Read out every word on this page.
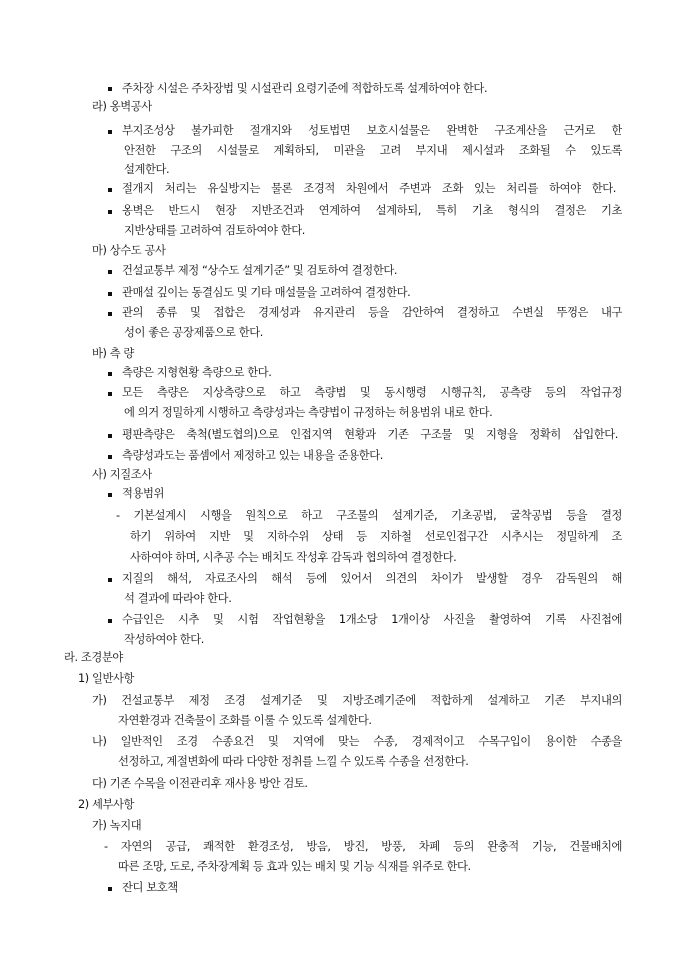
주차장 시설은 주차장법 및 시설관리 요령기준에 적합하도록 설계하여야 한다.
라) 옹벽공사
부지조성상 불가피한 절개지와 성토법면 보호시설물은 완벽한 구조계산을 근거로 한
안전한 구조의 시설물로 계획하되, 미관을 고려 부지내 제시설과 조화될 수 있도록
설계한다.
절개지 처리는 유실방지는 물론 조경적 차원에서 주변과 조화 있는 처리를 하여야 한다.
옹벽은 반드시 현장 지반조건과 연계하여 설계하되, 특히 기초 형식의 결정은 기초
지반상태를 고려하여 검토하여야 한다.
마) 상수도 공사
건설교통부 제정 “상수도 설계기준” 및 검토하여 결정한다.
관매설 깊이는 동결심도 및 기타 매설물을 고려하여 결정한다.
관의 종류 및 접합은 경제성과 유지관리 등을 감안하여 결정하고 수변실 뚜껑은 내구
성이 좋은 공장제품으로 한다.
바) 측 량
측량은 지형현황 측량으로 한다.
모든 측량은 지상측량으로 하고 측량법 및 동시행령 시행규칙, 공측량 등의 작업규정
에 의거 정밀하게 시행하고 측량성과는 측량법이 규정하는 허용범위 내로 한다.
평판측량은 축척(별도협의)으로 인접지역 현황과 기존 구조물 및 지형을 정확히 삽입한다.
측량성과도는 품셈에서 제정하고 있는 내용을 준용한다.
사) 지질조사
적용범위
- 기본설계시 시행을 원칙으로 하고 구조물의 설계기준, 기초공법, 굴착공법 등을 결정
하기 위하여 지반 및 지하수위 상태 등 지하철 선로인접구간 시추시는 정밀하게 조
사하여야 하며, 시추공 수는 배치도 작성후 감독과 협의하여 결정한다.
지질의 해석, 자료조사의 해석 등에 있어서 의견의 차이가 발생할 경우 감독원의 해
석 결과에 따라야 한다.
수급인은 시추 및 시험 작업현황을 1개소당 1개이상 사진을 촬영하여 기록 사진첩에
작성하여야 한다.
라. 조경분야
1) 일반사항
가) 건설교통부 제정 조경 설계기준 및 지방조례기준에 적합하게 설계하고 기존 부지내의
자연환경과 건축물이 조화를 이룰 수 있도록 설계한다.
나) 일반적인 조경 수종요건 및 지역에 맞는 수종, 경제적이고 수목구입이 용이한 수종을
선정하고, 계절변화에 따라 다양한 정취를 느낄 수 있도록 수종을 선정한다.
다) 기존 수목을 이전관리후 재사용 방안 검토.
2) 세부사항
가) 녹지대
- 자연의 공급, 쾌적한 환경조성, 방음, 방진, 방풍, 차폐 등의 완충적 기능, 건물배치에
따른 조망, 도로, 주차장계획 등 효과 있는 배치 및 기능 식재를 위주로 한다.
잔디 보호책
